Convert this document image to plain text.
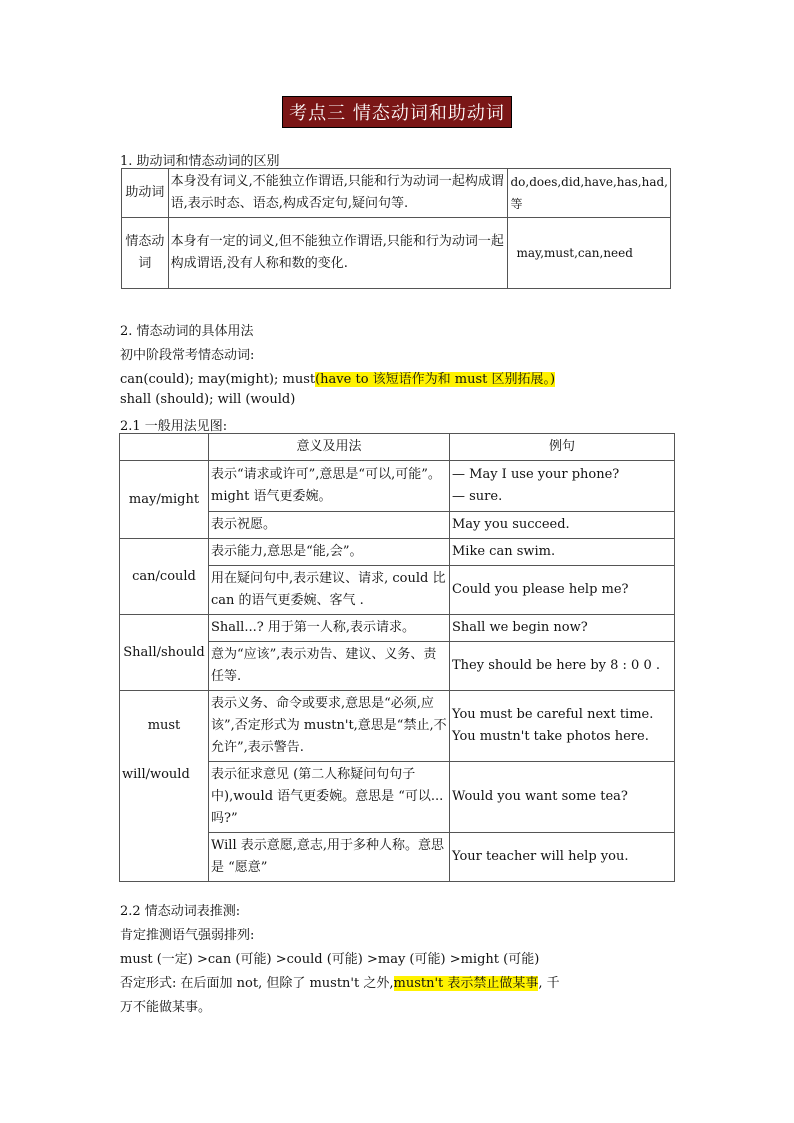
考点三 情态动词和助动词
1. 助动词和情态动词的区别
助动词	本身没有词义,不能独立作谓语,只能和行为动词一起构成谓语,表示时态、语态,构成否定句,疑问句等.	do,does,did,have,has,had,等
情态动词	本身有一定的词义,但不能独立作谓语,只能和行为动词一起构成谓语,没有人称和数的变化.	may,must,can,need
2. 情态动词的具体用法
初中阶段常考情态动词:
can(could); may(might); must(have to 该短语作为和 must 区别拓展。)
shall (should); will (would)
2.1 一般用法见图:
	意义及用法	例句
may/might	表示“请求或许可”,意思是“可以,可能”。might 语气更委婉。	— May I use your phone?
— sure.
	表示祝愿。	May you succeed.
can/could	表示能力,意思是“能,会”。	Mike can swim.
	用在疑问句中,表示建议、请求, could 比 can 的语气更委婉、客气 .	Could you please help me?
Shall/should	Shall...? 用于第一人称,表示请求。	Shall we begin now?
	意为“应该”,表示劝告、建议、义务、责任等.	They should be here by 8 : 0 0 .
must	表示义务、命令或要求,意思是“必须,应该”,否定形式为 mustn't,意思是“禁止,不允许”,表示警告.	You must be careful next time.
You mustn't take photos here.
will/would	表示征求意见 (第二人称疑问句句子中),would 语气更委婉。意思是 “可以...吗?”	Would you want some tea?
	Will 表示意愿,意志,用于多种人称。意思是 “愿意”	Your teacher will help you.
2.2 情态动词表推测:
肯定推测语气强弱排列:
must (一定) >can (可能) >could (可能) >may (可能) >might (可能)
否定形式: 在后面加 not, 但除了 mustn't 之外,mustn't 表示禁止做某事, 千
万不能做某事。
